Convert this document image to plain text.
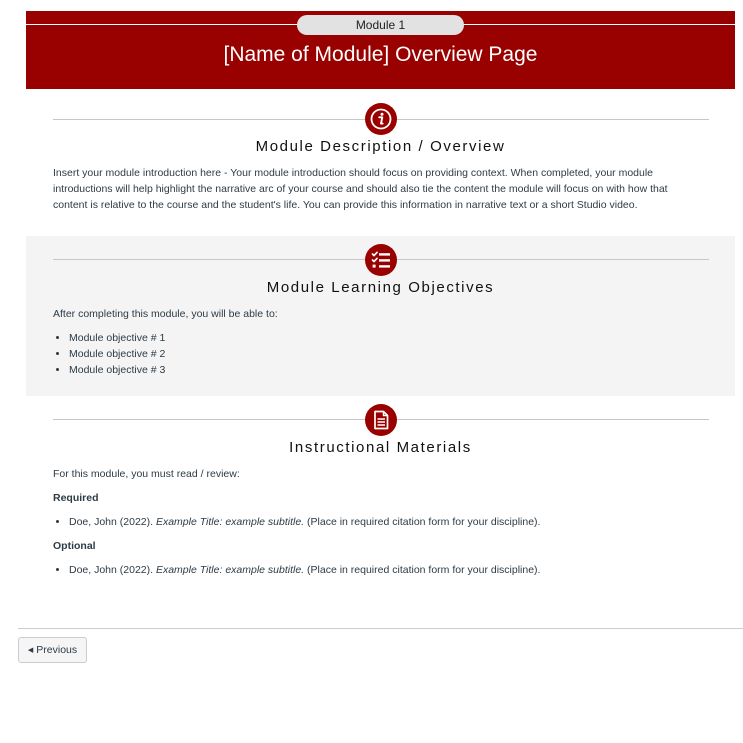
Module 1
[Name of Module] Overview Page
Module Description / Overview
Insert your module introduction here - Your module introduction should focus on providing context. When completed, your module introductions will help highlight the narrative arc of your course and should also tie the content the module will focus on with how that content is relative to the course and the student's life. You can provide this information in narrative text or a short Studio video.
Module Learning Objectives
After completing this module, you will be able to:
• Module objective # 1
• Module objective # 2
• Module objective # 3
Instructional Materials
For this module, you must read / review:
Required
• Doe, John (2022). Example Title: example subtitle. (Place in required citation form for your discipline).
Optional
• Doe, John (2022). Example Title: example subtitle. (Place in required citation form for your discipline).
◀ Previous
